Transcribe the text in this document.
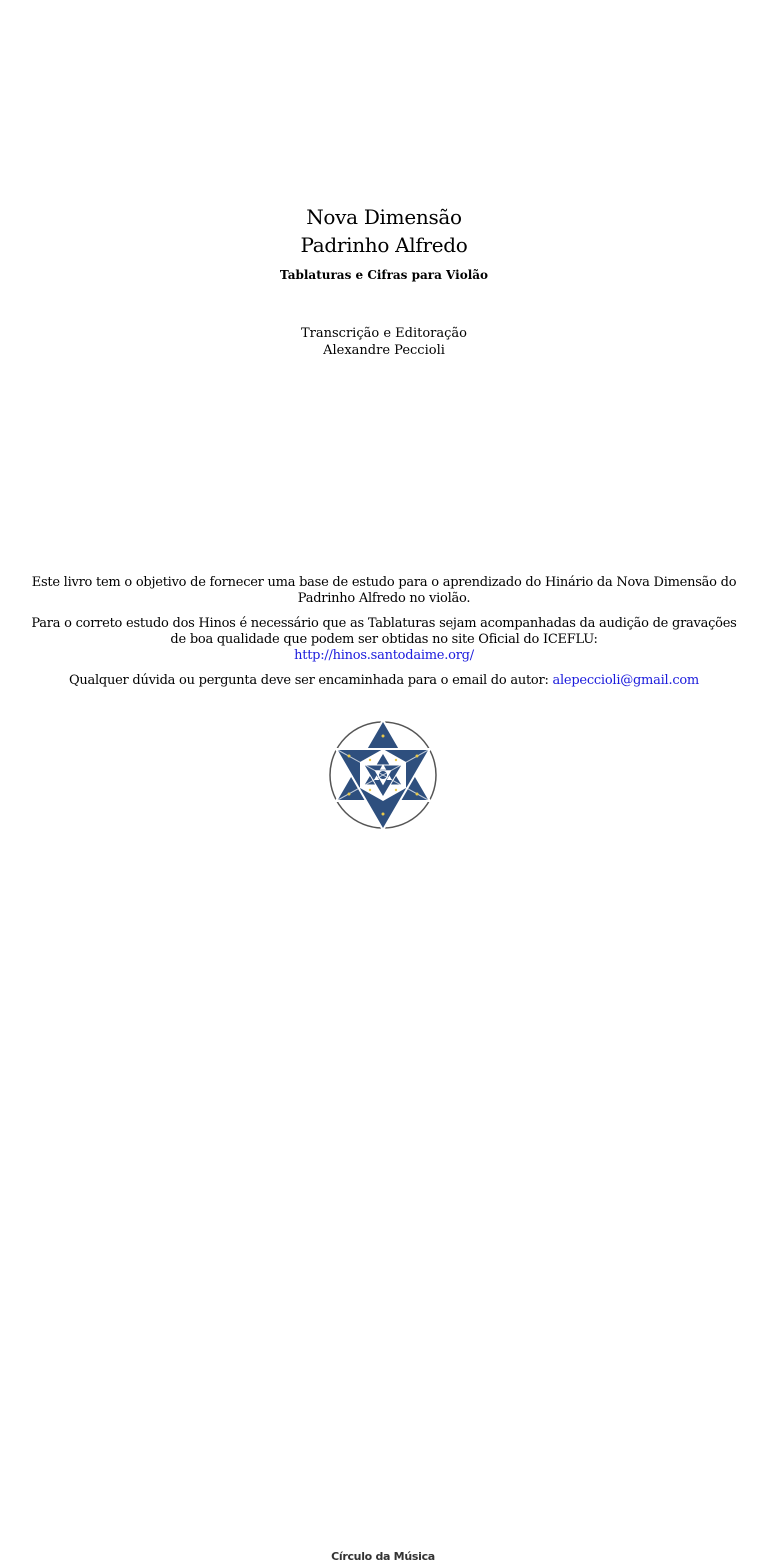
Nova Dimensão
Padrinho Alfredo
Tablaturas e Cifras para Violão
Transcrição e Editoração
Alexandre Peccioli

Este livro tem o objetivo de fornecer uma base de estudo para o aprendizado do Hinário da Nova Dimensão do Padrinho Alfredo no violão.

Para o correto estudo dos Hinos é necessário que as Tablaturas sejam acompanhadas da audição de gravações de boa qualidade que podem ser obtidas no site Oficial do ICEFLU:
http://hinos.santodaime.org/

Qualquer dúvida ou pergunta deve ser encaminhada para o email do autor: alepeccioli@gmail.com

Círculo da Música
